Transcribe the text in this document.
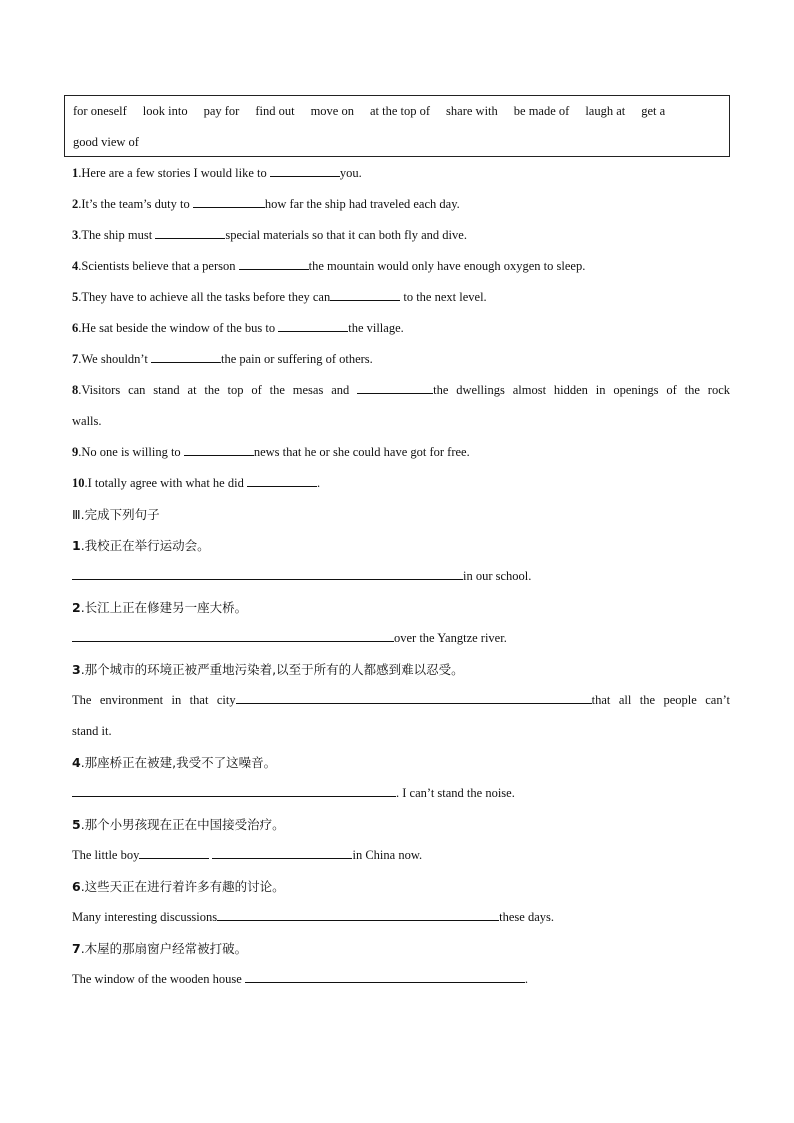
for oneself look into pay for find out move on at the top of share with be made of laugh at get a
good view of
1.Here are a few stories I would like to	you.
2.It’s the team’s duty to	how far the ship had traveled each day.
3.The ship must	special materials so that it can both fly and dive.
4.Scientists believe that a person	the mountain would only have enough oxygen to sleep.
5.They have to achieve all the tasks before they can	to the next level.
6.He sat beside the window of the bus to	the village.
7.We shouldn’t	the pain or suffering of others.
8.Visitors can stand at the top of the mesas and	the dwellings almost hidden in openings of the rock
walls.
9.No one is willing to	news that he or she could have got for free.
10.I totally agree with what he did	.
Ⅲ.完成下列句子
1.我校正在举行运动会。
in our school.
2.长江上正在修建另一座大桥。
over the Yangtze river.
3.那个城市的环境正被严重地污染着,以至于所有的人都感到难以忍受。
The environment in that city	that all the people can’t
stand it.
4.那座桥正在被建,我受不了这噪音。
. I can’t stand the noise.
5.那个小男孩现在正在中国接受治疗。
The little boy	in China now.
6.这些天正在进行着许多有趣的讨论。
Many interesting discussions	these days.
7.木屋的那扇窗户经常被打破。
The window of the wooden house	.
